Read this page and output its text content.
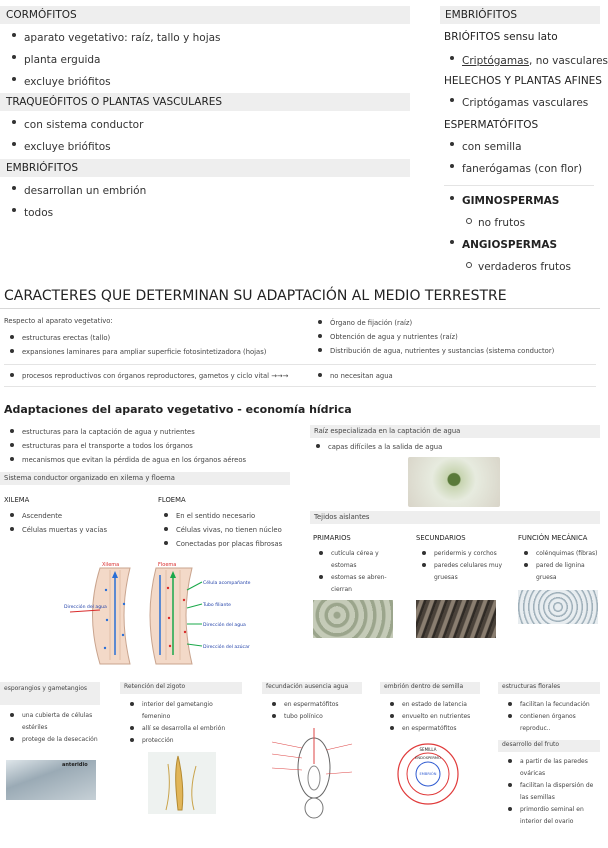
CORMÓFITOS
aparato vegetativo: raíz, tallo y hojas
planta erguida
excluye briófitos
TRAQUEÓFITOS O PLANTAS VASCULARES
con sistema conductor
excluye briófitos
EMBRIÓFITOS
desarrollan un embrión
todos
EMBRIÓFITOS
BRIÓFITOS sensu lato
Criptógamas, no vasculares
HELECHOS Y PLANTAS AFINES
Criptógamas vasculares
ESPERMATÓFITOS
con semilla
fanerógamas (con flor)
GIMNOSPERMAS
no frutos
ANGIOSPERMAS
verdaderos frutos
CARACTERES QUE DETERMINAN SU ADAPTACIÓN AL MEDIO TERRESTRE
Respecto al aparato vegetativo:
estructuras erectas (tallo)
expansiones laminares para ampliar superficie fotosintetizadora (hojas)
Órgano de fijación (raíz)
Obtención de agua y nutrientes (raíz)
Distribución de agua, nutrientes y sustancias (sistema conductor)
procesos reproductivos con órganos reproductores, gametos y ciclo vital →→→	no necesitan agua
Adaptaciones del aparato vegetativo - economía hídrica
estructuras para la captación de agua y nutrientes
estructuras para el transporte a todos los órganos
mecanismos que evitan la pérdida de agua en los órganos aéreos
Sistema conductor organizado en xilema y floema
XILEMA
Ascendente
Células muertas y vacías
FLOEMA
En el sentido necesario
Células vivas, no tienen núcleo
Conectadas por placas fibrosas
Xilema	Floema
Dirección del agua
Célula acompañante
Tubo filiante
Dirección del agua
Dirección del azúcar
Raíz especializada en la captación de agua
capas difíciles a la salida de agua
Tejidos aislantes
PRIMARIOS
cutícula cérea y estomas
estomas se abren-cierran
SECUNDARIOS
peridermis y corchos
paredes celulares muy gruesas
FUNCIÓN MECÁNICA
colénquimas (fibras)
pared de lignina gruesa
esporangios y gametangios
una cubierta de células estériles
protege de la desecación
anteridio
Retención del zigoto
interior del gametangio femenino
allí se desarrolla el embrión
protección
fecundación ausencia agua
en espermatófitos
tubo polínico
embrión dentro de semilla
en estado de latencia
envuelto en nutrientes
en espermatófitos
SEMILLA
ENDOSPERMO
EMBRIÓN
estructuras florales
facilitan la fecundación
contienen órganos reproduc..
desarrollo del fruto
a partir de las paredes ováricas
facilitan la dispersión de las semillas
primordio seminal en interior del ovario
